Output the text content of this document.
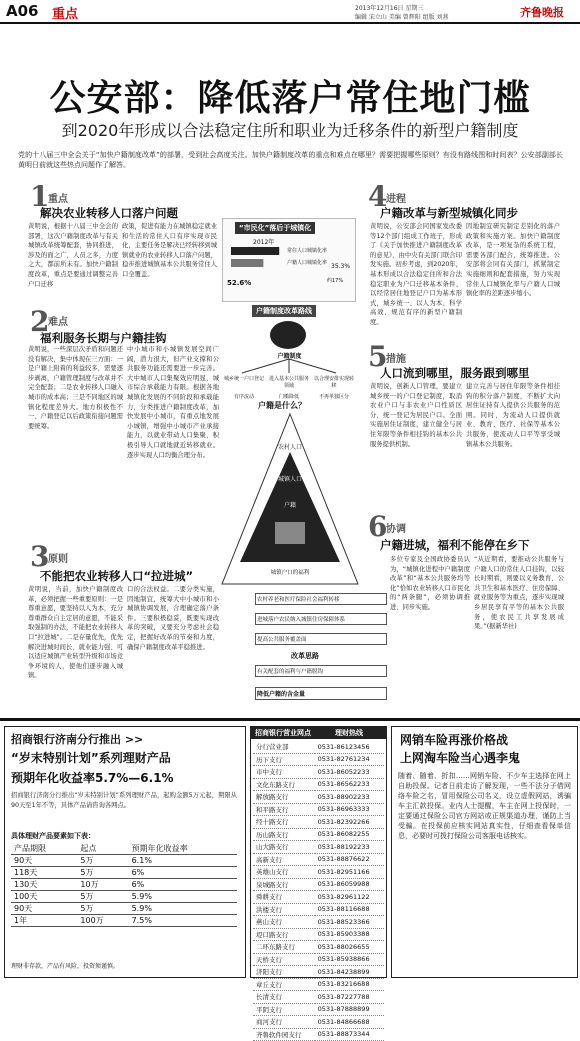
A06 重点	2013年12月16日 星期三
编辑 宋立山 美编 曾辉阳 组版 刘燕	齐鲁晚报
公安部：降低落户常住地门槛
到2020年形成以合法稳定住所和职业为迁移条件的新型户籍制度
党的十八届三中全会关于“加快户籍制度改革”的部署，受到社会高度关注。加快户籍制度改革的重点和难点在哪里？需要把握哪些原则？有没有路线图和时间表？公安部副部长黄明日前就这些热点问题作了解答。
1
重点
解决农业转移人口落户问题
黄明说，根据十八届三中全会的部署，这次户籍制度改革与有关城镇改革统筹配套，协同推进，涉及的面之广，人员之多，力度之大，都前所未有。加快户籍制度改革，重点是要通过调整完善户口迁移
政策，促进有能力在城镇稳定就业和生活的常住人口有序实现市民化，主要任务是解决已经转移到城镇就业的农业转移人口落户问题，稳步推进城镇基本公共服务常住人口全覆盖。
2
难点
福利服务长期与户籍挂钩
黄明说，一些深层次矛盾和问题还没有解决，集中体现在三方面：一是户籍上附着的利益较多，需要逐步剥离，户籍管理制度与改革并不完全配套；二是农业转移人口融入城市的成本高；三是不同地区的城镇化程度差异大。地方积极性不一、户籍登记以后政策衔接问题需要统筹。
中小城市和小城镇发展空间广阔，潜力很大，但产业支撑和公共服务功能还需要进一步完善。大中城市人口集聚效应明显，城市综合承载能力有限。根据各地城镇化发展的不同阶段和承载能力，分类推进户籍制度改革，加快发展中小城市，有重点地发展小城镇，增强中小城市产业承接能力，以就业带动人口集聚，积极引导人口就地就近转移就业。逐步实现人口均衡合理分布。
3
原则
不能把农业转移人口“拉进城”
黄明说，当前，加快户籍制度改革，必须把握一些重要原则：一是尊重意愿，要坚持以人为本，充分尊重群众自主定居的意愿，不能采取强制的办法，不能把农业转移人口“拉进城”。二是存量优先，优先解决进城时间长、就业能力强、可以适应城镇产业转型升级和市场竞争环境的人，使他们逐步融入城镇。
口的合法权益。二要分类实施，因地制宜，统筹大中小城市和小城镇协调发展，合理确定落户条件。三要积极稳妥，既要实现改革的突破，又要充分考虑社会稳定，把握好改革的节奏和力度，确保户籍制度改革平稳推进。
4
进程
户籍改革与新型城镇化同步
黄明说，公安部会同国家发改委等12个部门组成工作班子，形成了《关于加快推进户籍制度改革的意见》，由中央有关部门联合印发实施。初步考虑，到2020年，基本形成以合法稳定住所和合法稳定职业为户口迁移基本条件、以经常居住地登记户口为基本形式，城乡统一、以人为本、科学高效、规范有序的新型户籍制度。
因地制宜研究制定差别化的落户政策和实施方案。加快户籍制度改革，是一项复杂的系统工程，需要各部门配合，统筹推进。公安部将会同有关部门，抓紧制定实施细则和配套措施，努力实现常住人口城镇化率与户籍人口城镇化率的差距逐步缩小。
5
措施
人口流到哪里，服务跟到哪里
黄明说，创新人口管理，要建立城乡统一的户口登记制度，取消农业户口与非农业户口性质区分，统一登记为居民户口。全面实施居住证制度，建立健全与居住年限等条件相挂钩的基本公共服务提供机制。
建立完善与居住年限等条件相挂钩的积分落户制度，不断扩大向居住证持有人提供公共服务的范围。同时，为流动人口提供就业、教育、医疗、社保等基本公共服务，使流动人口平等享受城镇基本公共服务。
6
协调
户籍进城，福利不能停在乡下
多位专家及全国政协委员认为，“城镇化进程中户籍制度改革”和“基本公共服务均等化”恰如农业转移人口市民化的“两条腿”，必须协调推进、同步实施。
“从近期看，要推动公共服务与户籍人口的常住人口挂钩，以较长时期看，则要以义务教育、公共卫生和基本医疗、住房保障、就业服务等为重点，逐步实现城乡居民享有平等的基本公共服务，使农民工共享发展成果。”(据新华社)
“市民化”落后于城镇化
2012年
常住人口城镇化率
户籍人口城镇化率
52.6%
35.3%
约17%
户籍制度改革路线
户籍制度
城乡统一户口登记 进入基本公共服务领域
以合理安排实现转移
有序流动	门槛降低	不再单独区分
户籍是什么？
农村人口
城镇人口
户籍
城镇户口的福利
农村养老和医疗保险社会福利转移
进城落户农民纳入城镇住房保障体系
提高公共服务覆盖面
改革思路
有关配套的福利与户籍脱钩
降低户籍的含金量
招商银行济南分行推出 >>
“岁末特别计划”系列理财产品
预期年化收益率5.7%—6.1%
招商银行济南分行推出“岁末特别计划”系列理财产品，起购金额5万元起，期限从90天至1年不等，具体产品请咨询各网点。
具体理财产品要素如下表：
产品期限	起点	预期年化收益率
90天	5万	6.1%
118天	5万	6%
130天	10万	6%
100天	5万	5.9%
90天	5万	5.9%
1年	100万	7.5%
理财非存款，产品有风险，投资须谨慎。
招商银行营业网点	理财热线
分行营业部	0531-86123456
历下支行	0531-82761234
市中支行	0531-86052233
文化东路支行	0531-86562233
解放路支行	0531-88902233
和平路支行	0531-86963333
经十路支行	0531-82392266
历山路支行	0531-86082255
山大路支行	0531-88192233
高新支行	0531-88876622
英雄山支行	0531-82951166
泉城路支行	0531-86059988
舜耕支行	0531-82961122
洪楼支行	0531-88116688
燕山支行	0531-88523366
堤口路支行	0531-85903388
二环东路支行	0531-88026655
天桥支行	0531-85938866
济阳支行	0531-84238899
章丘支行	0531-83216688
长清支行	0531-87227788
平阴支行	0531-87888899
商河支行	0531-84866688
齐鲁软件园支行	0531-88873344
网销车险再涨价格战
上网淘车险当心遇李鬼
随着、随着、折扣……网销车险、不少车主选择在网上自助投保。记者日前走访了解发现，一些不法分子借网络车险之名，冒用保险公司名义，设立虚假网站，诱骗车主汇款投保。业内人士提醒，车主在网上投保时，一定要通过保险公司官方网站或正规渠道办理，谨防上当受骗。在投保前应核实网站真实性，仔细查看保单信息，必要时可拨打保险公司客服电话核实。
